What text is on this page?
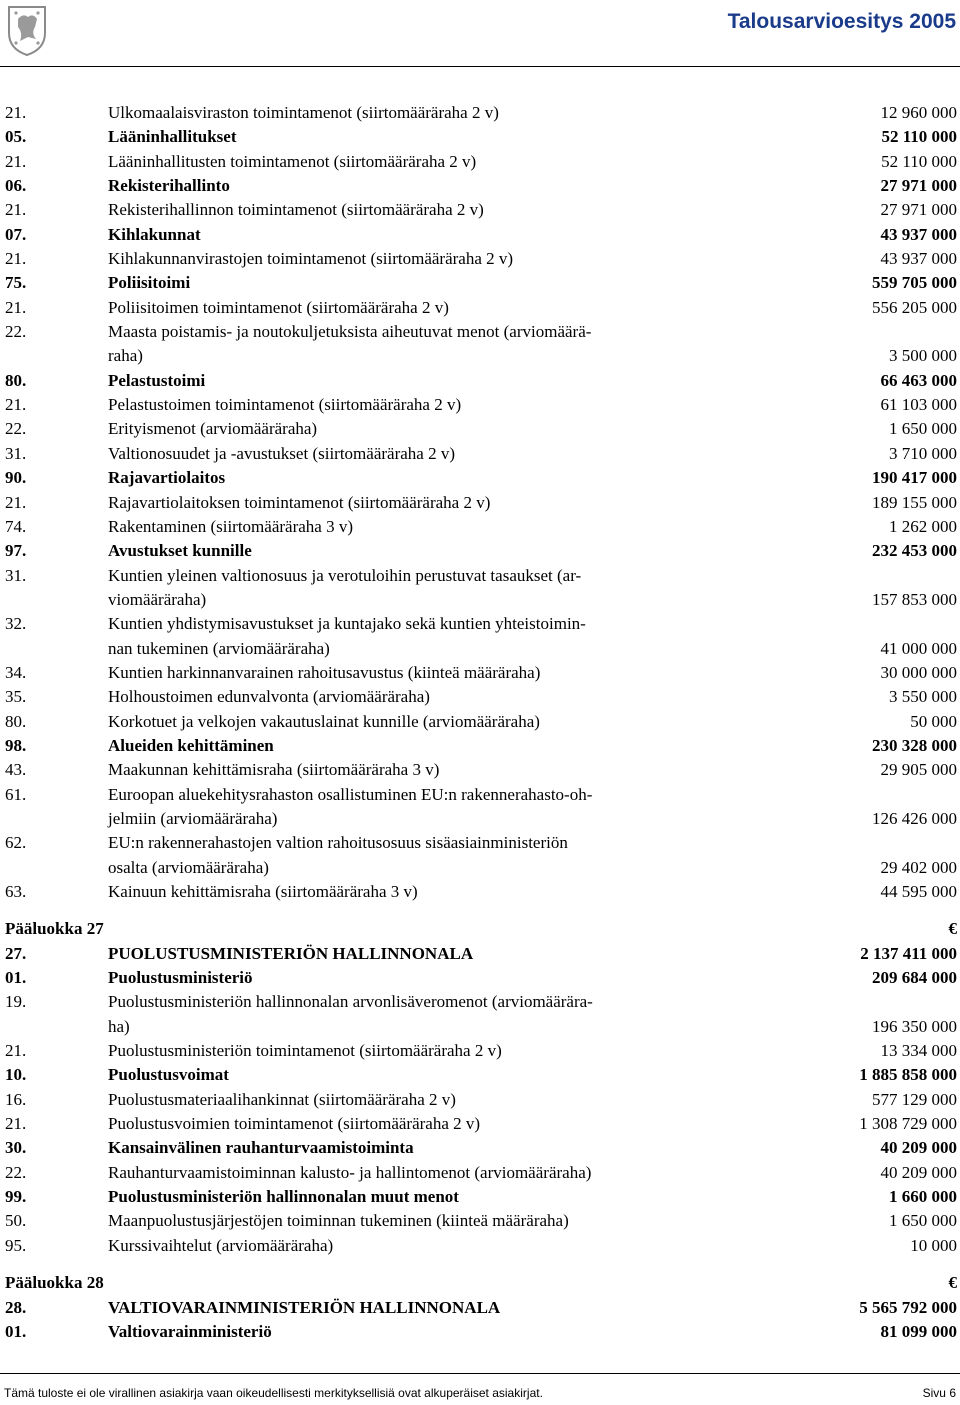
Talousarvioesitys 2005
21.	Ulkomaalaisviraston toimintamenot (siirtomääräraha 2 v)	12 960 000
05.	Lääninhallitukset	52 110 000
21.	Lääninhallitusten toimintamenot (siirtomääräraha 2 v)	52 110 000
06.	Rekisterihallinto	27 971 000
21.	Rekisterihallinnon toimintamenot (siirtomääräraha 2 v)	27 971 000
07.	Kihlakunnat	43 937 000
21.	Kihlakunnanvirastojen toimintamenot (siirtomääräraha 2 v)	43 937 000
75.	Poliisitoimi	559 705 000
21.	Poliisitoimen toimintamenot (siirtomääräraha 2 v)	556 205 000
22.	Maasta poistamis- ja noutokuljetuksista aiheutuvat menot (arviomäärä-
raha)	3 500 000
80.	Pelastustoimi	66 463 000
21.	Pelastustoimen toimintamenot (siirtomääräraha 2 v)	61 103 000
22.	Erityismenot (arviomääräraha)	1 650 000
31.	Valtionosuudet ja -avustukset (siirtomääräraha 2 v)	3 710 000
90.	Rajavartiolaitos	190 417 000
21.	Rajavartiolaitoksen toimintamenot (siirtomääräraha 2 v)	189 155 000
74.	Rakentaminen (siirtomääräraha 3 v)	1 262 000
97.	Avustukset kunnille	232 453 000
31.	Kuntien yleinen valtionosuus ja verotuloihin perustuvat tasaukset (ar-
viomääräraha)	157 853 000
32.	Kuntien yhdistymisavustukset ja kuntajako sekä kuntien yhteistoimin-
nan tukeminen (arviomääräraha)	41 000 000
34.	Kuntien harkinnanvarainen rahoitusavustus (kiinteä määräraha)	30 000 000
35.	Holhoustoimen edunvalvonta (arviomääräraha)	3 550 000
80.	Korkotuet ja velkojen vakautuslainat kunnille (arviomääräraha)	50 000
98.	Alueiden kehittäminen	230 328 000
43.	Maakunnan kehittämisraha (siirtomääräraha 3 v)	29 905 000
61.	Euroopan aluekehitysrahaston osallistuminen EU:n rakennerahasto-oh-
jelmiin (arviomääräraha)	126 426 000
62.	EU:n rakennerahastojen valtion rahoitusosuus sisäasiainministeriön
osalta (arviomääräraha)	29 402 000
63.	Kainuun kehittämisraha (siirtomääräraha 3 v)	44 595 000
Pääluokka 27	€
27.	PUOLUSTUSMINISTERIÖN HALLINNONALA	2 137 411 000
01.	Puolustusministeriö	209 684 000
19.	Puolustusministeriön hallinnonalan arvonlisäveromenot (arviomäärära-
ha)	196 350 000
21.	Puolustusministeriön toimintamenot (siirtomääräraha 2 v)	13 334 000
10.	Puolustusvoimat	1 885 858 000
16.	Puolustusmateriaalihankinnat (siirtomääräraha 2 v)	577 129 000
21.	Puolustusvoimien toimintamenot (siirtomääräraha 2 v)	1 308 729 000
30.	Kansainvälinen rauhanturvaamistoiminta	40 209 000
22.	Rauhanturvaamistoiminnan kalusto- ja hallintomenot (arviomääräraha)	40 209 000
99.	Puolustusministeriön hallinnonalan muut menot	1 660 000
50.	Maanpuolustusjärjestöjen toiminnan tukeminen (kiinteä määräraha)	1 650 000
95.	Kurssivaihtelut (arviomääräraha)	10 000
Pääluokka 28	€
28.	VALTIOVARAINMINISTERIÖN HALLINNONALA	5 565 792 000
01.	Valtiovarainministeriö	81 099 000
Tämä tuloste ei ole virallinen asiakirja vaan oikeudellisesti merkityksellisiä ovat alkuperäiset asiakirjat.	Sivu 6
